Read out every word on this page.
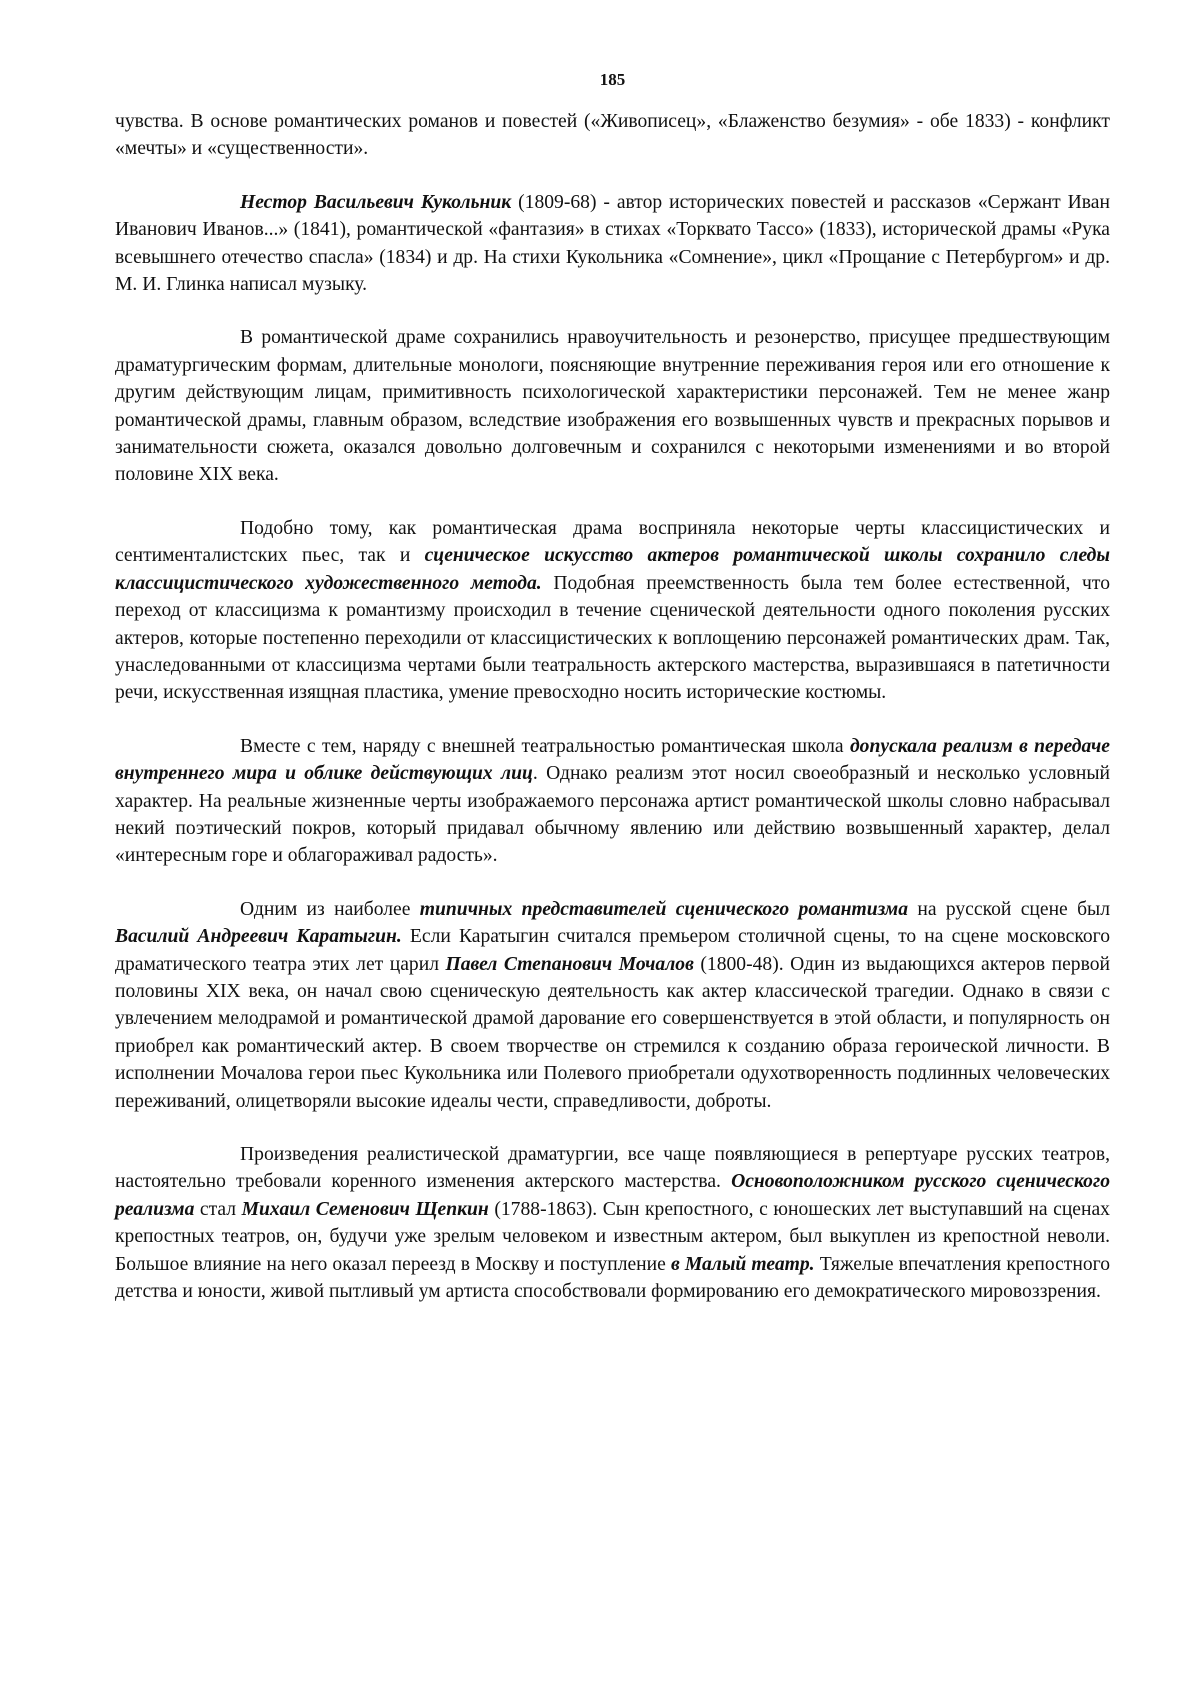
185

чувства. В основе романтических романов и повестей («Живописец», «Блаженство безумия» - обе 1833) - конфликт «мечты» и «существенности».

Нестор Васильевич Кукольник (1809-68) - автор исторических повестей и рассказов «Сержант Иван Иванович Иванов...» (1841), романтической «фантазия» в стихах «Торквато Тассо» (1833), исторической драмы «Рука всевышнего отечество спасла» (1834) и др. На стихи Кукольника «Сомнение», цикл «Прощание с Петербургом» и др. М. И. Глинка написал музыку.

В романтической драме сохранились нравоучительность и резонерство, присущее предшествующим драматургическим формам, длительные монологи, поясняющие внутренние переживания героя или его отношение к другим действующим лицам, примитивность психологической характеристики персонажей. Тем не менее жанр романтической драмы, главным образом, вследствие изображения его возвышенных чувств и прекрасных порывов и занимательности сюжета, оказался довольно долговечным и сохранился с некоторыми изменениями и во второй половине XIX века.

Подобно тому, как романтическая драма восприняла некоторые черты классицистических и сентименталистских пьес, так и сценическое искусство актеров романтической школы сохранило следы классицистического художественного метода. Подобная преемственность была тем более естественной, что переход от классицизма к романтизму происходил в течение сценической деятельности одного поколения русских актеров, которые постепенно переходили от классицистических к воплощению персонажей романтических драм. Так, унаследованными от классицизма чертами были театральность актерского мастерства, выразившаяся в патетичности речи, искусственная изящная пластика, умение превосходно носить исторические костюмы.

Вместе с тем, наряду с внешней театральностью романтическая школа допускала реализм в передаче внутреннего мира и облике действующих лиц. Однако реализм этот носил своеобразный и несколько условный характер. На реальные жизненные черты изображаемого персонажа артист романтической школы словно набрасывал некий поэтический покров, который придавал обычному явлению или действию возвышенный характер, делал «интересным горе и облагораживал радость».

Одним из наиболее типичных представителей сценического романтизма на русской сцене был Василий Андреевич Каратыгин. Если Каратыгин считался премьером столичной сцены, то на сцене московского драматического театра этих лет царил Павел Степанович Мочалов (1800-48). Один из выдающихся актеров первой половины XIX века, он начал свою сценическую деятельность как актер классической трагедии. Однако в связи с увлечением мелодрамой и романтической драмой дарование его совершенствуется в этой области, и популярность он приобрел как романтический актер. В своем творчестве он стремился к созданию образа героической личности. В исполнении Мочалова герои пьес Кукольника или Полевого приобретали одухотворенность подлинных человеческих переживаний, олицетворяли высокие идеалы чести, справедливости, доброты.

Произведения реалистической драматургии, все чаще появляющиеся в репертуаре русских театров, настоятельно требовали коренного изменения актерского мастерства. Основоположником русского сценического реализма стал Михаил Семенович Щепкин (1788-1863). Сын крепостного, с юношеских лет выступавший на сценах крепостных театров, он, будучи уже зрелым человеком и известным актером, был выкуплен из крепостной неволи. Большое влияние на него оказал переезд в Москву и поступление в Малый театр. Тяжелые впечатления крепостного детства и юности, живой пытливый ум артиста способствовали формированию его демократического мировоззрения.
